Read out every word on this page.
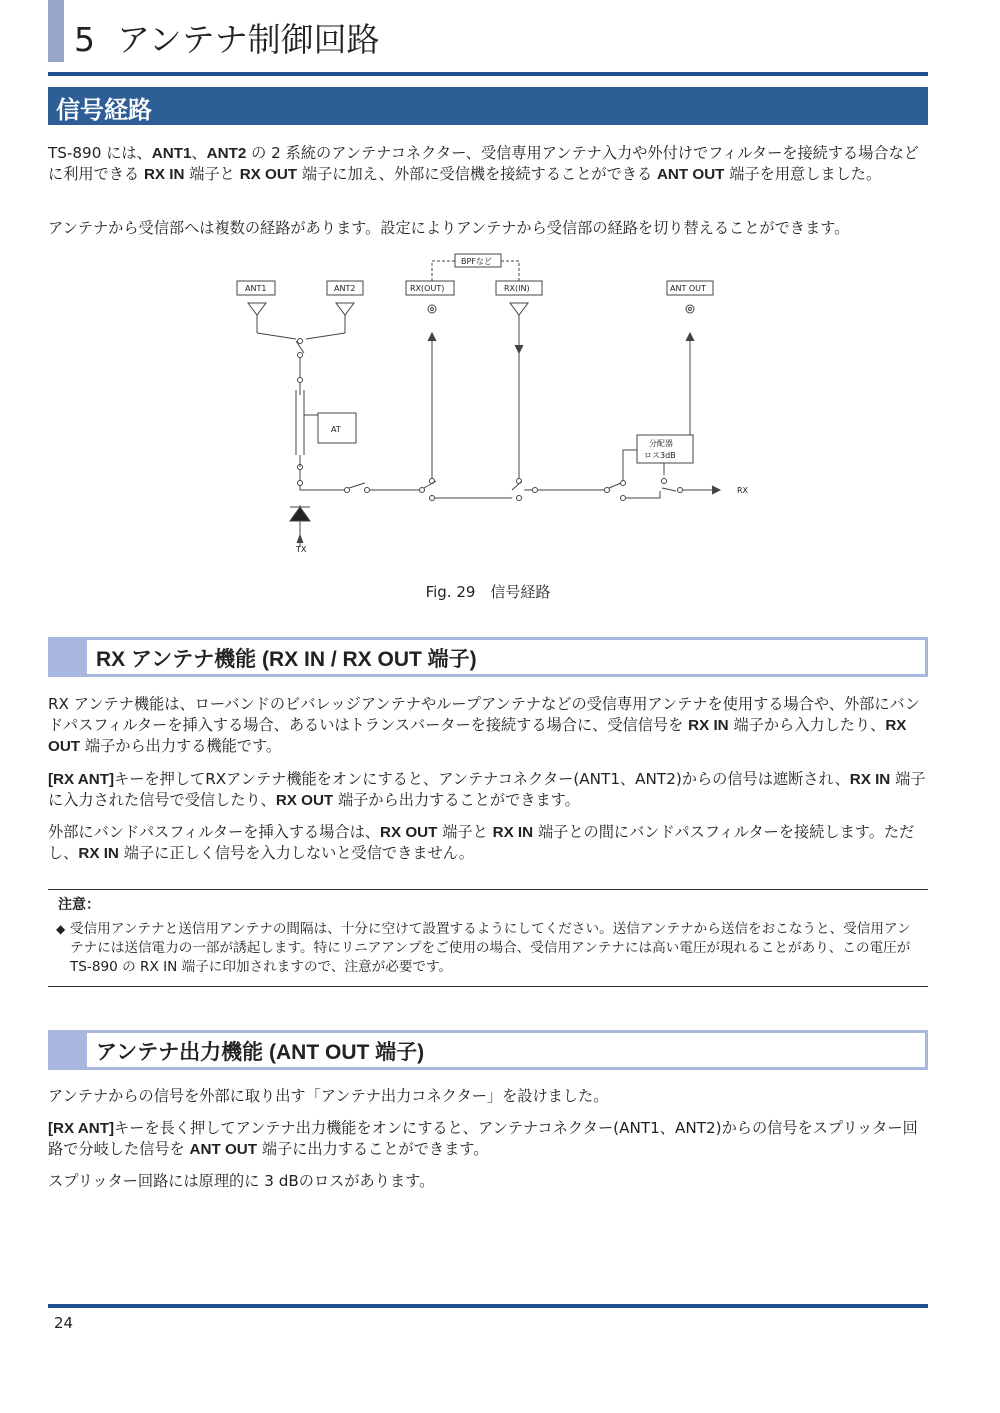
5 アンテナ制御回路
信号経路

TS-890 には、ANT1、ANT2 の 2 系統のアンテナコネクター、受信専用アンテナ入力や外付けでフィルターを接続する場合などに利用できる RX IN 端子と RX OUT 端子に加え、外部に受信機を接続することができる ANT OUT 端子を用意しました。

アンテナから受信部へは複数の経路があります。設定によりアンテナから受信部の経路を切り替えることができます。

ANT1	ANT2	RX(OUT)	RX(IN)	ANT OUT
BPFなど
AT
分配器
ロス3dB
RX
TX
Fig. 29　信号経路
RX アンテナ機能 (RX IN / RX OUT 端子)

RX アンテナ機能は、ローバンドのビバレッジアンテナやループアンテナなどの受信専用アンテナを使用する場合や、外部にバンドパスフィルターを挿入する場合、あるいはトランスバーターを接続する場合に、受信信号を RX IN 端子から入力したり、RX OUT 端子から出力する機能です。

[RX ANT]キーを押してRXアンテナ機能をオンにすると、アンテナコネクター(ANT1、ANT2)からの信号は遮断され、RX IN 端子に入力された信号で受信したり、RX OUT 端子から出力することができます。

外部にバンドパスフィルターを挿入する場合は、RX OUT 端子と RX IN 端子との間にバンドパスフィルターを接続します。ただし、RX IN 端子に正しく信号を入力しないと受信できません。

注意：
◆ 受信用アンテナと送信用アンテナの間隔は、十分に空けて設置するようにしてください。送信アンテナから送信をおこなうと、受信用アンテナには送信電力の一部が誘起します。特にリニアアンプをご使用の場合、受信用アンテナには高い電圧が現れることがあり、この電圧が TS-890 の RX IN 端子に印加されますので、注意が必要です。

アンテナ出力機能 (ANT OUT 端子)

アンテナからの信号を外部に取り出す「アンテナ出力コネクター」を設けました。

[RX ANT]キーを長く押してアンテナ出力機能をオンにすると、アンテナコネクター(ANT1、ANT2)からの信号をスプリッター回路で分岐した信号を ANT OUT 端子に出力することができます。

スプリッター回路には原理的に 3 dBのロスがあります。

24
